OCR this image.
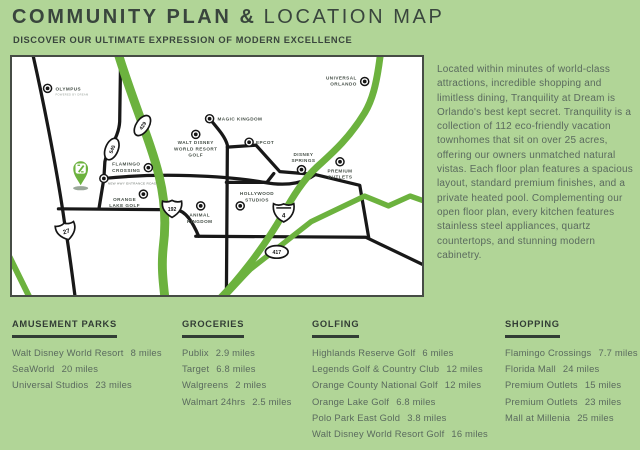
COMMUNITY PLAN & LOCATION MAP
DISCOVER OUR ULTIMATE EXPRESSION OF MODERN EXCELLENCE
429
545
27
192
4
417
OLYMPUS
POWERED BY DREAM
UNIVERSAL
ORLANDO
MAGIC KINGDOM
WALT DISNEY
WORLD RESORT
GOLF
EPCOT
DISNEY
SPRINGS
PREMIUM
OUTLETS
FLAMINGO
CROSSING
ORANGE
LAKE GOLF
ANIMAL
KINGDOM
HOLLYWOOD
STUDIOS
NEW HWY ENTRANCE ROAD

Located within minutes of world-class attractions, incredible shopping and limitless dining, Tranquility at Dream is Orlando's best kept secret. Tranquility is a collection of 112 eco-friendly vacation townhomes that sit on over 25 acres, offering our owners unmatched natural vistas. Each floor plan features a spacious layout, standard premium finishes, and a private heated pool. Complementing our open floor plan, every kitchen features stainless steel appliances, quartz countertops, and stunning modern cabinetry.

AMUSEMENT PARKS
Walt Disney World Resort 8 miles
SeaWorld 20 miles
Universal Studios 23 miles
GROCERIES
Publix 2.9 miles
Target 6.8 miles
Walgreens 2 miles
Walmart 24hrs 2.5 miles
GOLFING
Highlands Reserve Golf 6 miles
Legends Golf & Country Club 12 miles
Orange County National Golf 12 miles
Orange Lake Golf 6.8 miles
Polo Park East Gold 3.8 miles
Walt Disney World Resort Golf 16 miles
SHOPPING
Flamingo Crossings 7.7 miles
Florida Mall 24 miles
Premium Outlets 15 miles
Premium Outlets 23 miles
Mall at Millenia 25 miles
